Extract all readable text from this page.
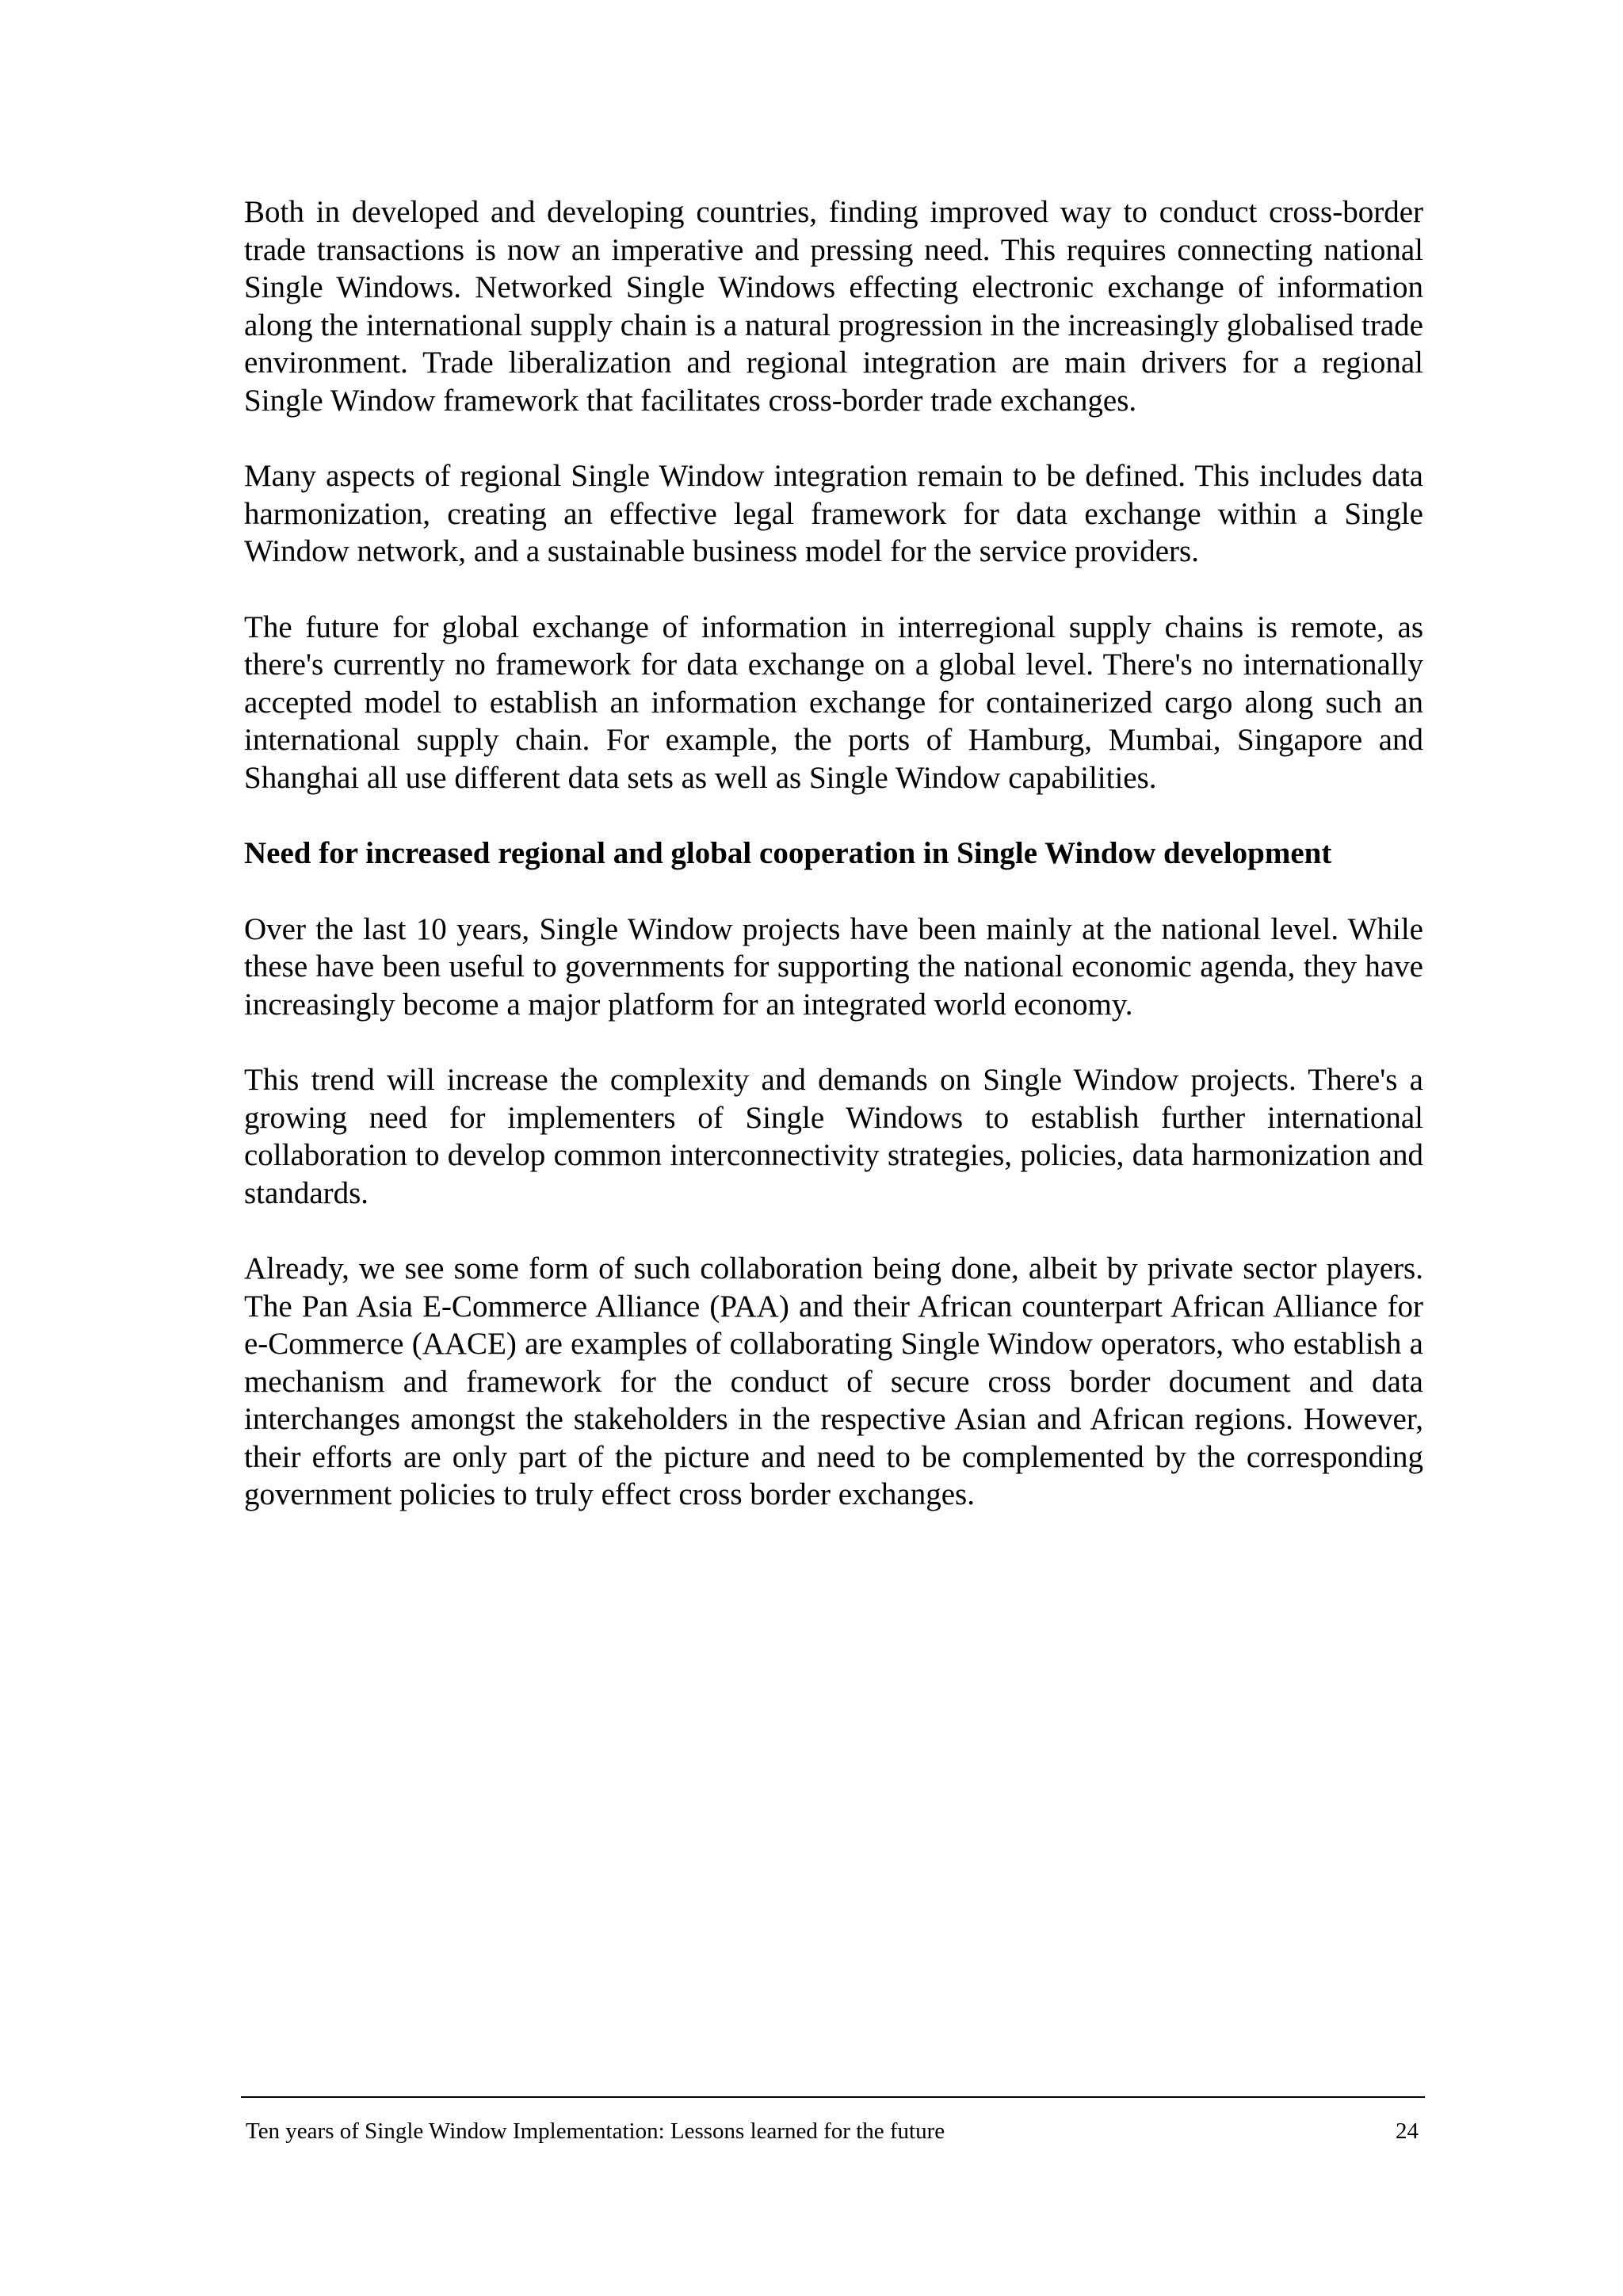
Both in developed and developing countries, finding improved way to conduct cross-border trade transactions is now an imperative and pressing need. This requires connecting national Single Windows. Networked Single Windows effecting electronic exchange of information along the international supply chain is a natural progression in the increasingly globalised trade environment. Trade liberalization and regional integration are main drivers for a regional Single Window framework that facilitates cross-border trade exchanges.

Many aspects of regional Single Window integration remain to be defined. This includes data harmonization, creating an effective legal framework for data exchange within a Single Window network, and a sustainable business model for the service providers.

The future for global exchange of information in interregional supply chains is remote, as there's currently no framework for data exchange on a global level. There's no internationally accepted model to establish an information exchange for containerized cargo along such an international supply chain. For example, the ports of Hamburg, Mumbai, Singapore and Shanghai all use different data sets as well as Single Window capabilities.

Need for increased regional and global cooperation in Single Window development

Over the last 10 years, Single Window projects have been mainly at the national level. While these have been useful to governments for supporting the national economic agenda, they have increasingly become a major platform for an integrated world economy.

This trend will increase the complexity and demands on Single Window projects. There's a growing need for implementers of Single Windows to establish further international collaboration to develop common interconnectivity strategies, policies, data harmonization and standards.

Already, we see some form of such collaboration being done, albeit by private sector players. The Pan Asia E-Commerce Alliance (PAA) and their African counterpart African Alliance for e-Commerce (AACE) are examples of collaborating Single Window operators, who establish a mechanism and framework for the conduct of secure cross border document and data interchanges amongst the stakeholders in the respective Asian and African regions. However, their efforts are only part of the picture and need to be complemented by the corresponding government policies to truly effect cross border exchanges.

Ten years of Single Window Implementation: Lessons learned for the future	24
